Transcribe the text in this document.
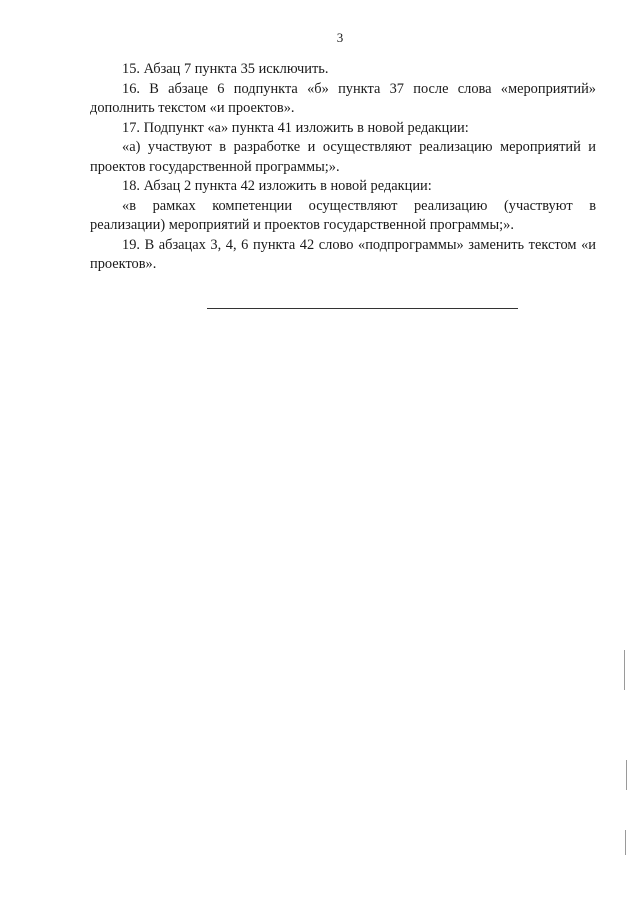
3

15. Абзац 7 пункта 35 исключить.

16. В абзаце 6 подпункта «б» пункта 37 после слова «мероприятий» дополнить текстом «и проектов».

17. Подпункт «а» пункта 41 изложить в новой редакции:

«а) участвуют в разработке и осуществляют реализацию мероприятий и проектов государственной программы;».

18. Абзац 2 пункта 42 изложить в новой редакции:

«в рамках компетенции осуществляют реализацию (участвуют в реализации) мероприятий и проектов государственной программы;».

19. В абзацах 3, 4, 6 пункта 42 слово «подпрограммы» заменить текстом «и проектов».
